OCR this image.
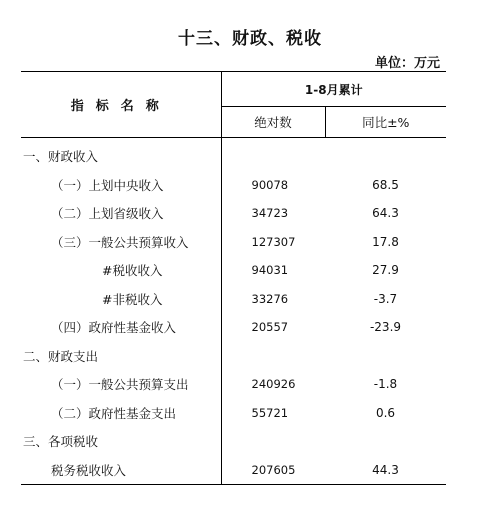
十三、财政、税收
单位 ： 万元
指标名称	1-8月累计	
	绝对数	同比±%
一、财政收入		
（一）上划中央收入	90078	68.5
（二）上划省级收入	34723	64.3
（三）一般公共预算收入	127307	17.8
#税收收入	94031	27.9
#非税收入	33276	-3.7
（四）政府性基金收入	20557	-23.9
二、财政支出		
（一）一般公共预算支出	240926	-1.8
（二）政府性基金支出	55721	0.6
三、各项税收		
税务税收收入	207605	44.3
